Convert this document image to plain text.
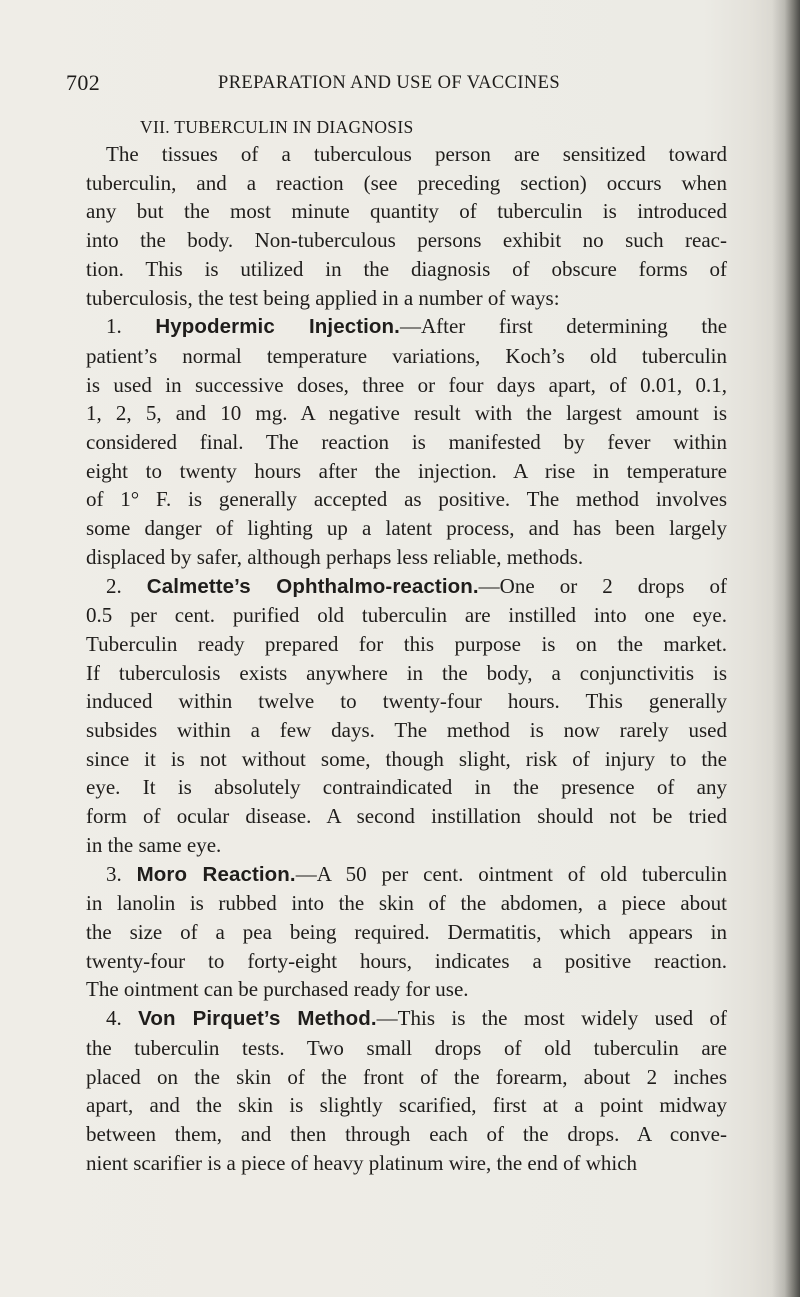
702	PREPARATION AND USE OF VACCINES
VII. TUBERCULIN IN DIAGNOSIS
The tissues of a tuberculous person are sensitized toward
tuberculin, and a reaction (see preceding section) occurs when
any but the most minute quantity of tuberculin is introduced
into the body. Non-tuberculous persons exhibit no such reac-
tion. This is utilized in the diagnosis of obscure forms of
tuberculosis, the test being applied in a number of ways:
1. Hypodermic Injection.—After first determining the
patient’s normal temperature variations, Koch’s old tuberculin
is used in successive doses, three or four days apart, of 0.01, 0.1,
1, 2, 5, and 10 mg. A negative result with the largest amount is
considered final. The reaction is manifested by fever within
eight to twenty hours after the injection. A rise in temperature
of 1° F. is generally accepted as positive. The method involves
some danger of lighting up a latent process, and has been largely
displaced by safer, although perhaps less reliable, methods.
2. Calmette’s Ophthalmo-reaction.—One or 2 drops of
0.5 per cent. purified old tuberculin are instilled into one eye.
Tuberculin ready prepared for this purpose is on the market.
If tuberculosis exists anywhere in the body, a conjunctivitis is
induced within twelve to twenty-four hours. This generally
subsides within a few days. The method is now rarely used
since it is not without some, though slight, risk of injury to the
eye. It is absolutely contraindicated in the presence of any
form of ocular disease. A second instillation should not be tried
in the same eye.
3. Moro Reaction.—A 50 per cent. ointment of old tuberculin
in lanolin is rubbed into the skin of the abdomen, a piece about
the size of a pea being required. Dermatitis, which appears in
twenty-four to forty-eight hours, indicates a positive reaction.
The ointment can be purchased ready for use.
4. Von Pirquet’s Method.—This is the most widely used of
the tuberculin tests. Two small drops of old tuberculin are
placed on the skin of the front of the forearm, about 2 inches
apart, and the skin is slightly scarified, first at a point midway
between them, and then through each of the drops. A conve-
nient scarifier is a piece of heavy platinum wire, the end of which
